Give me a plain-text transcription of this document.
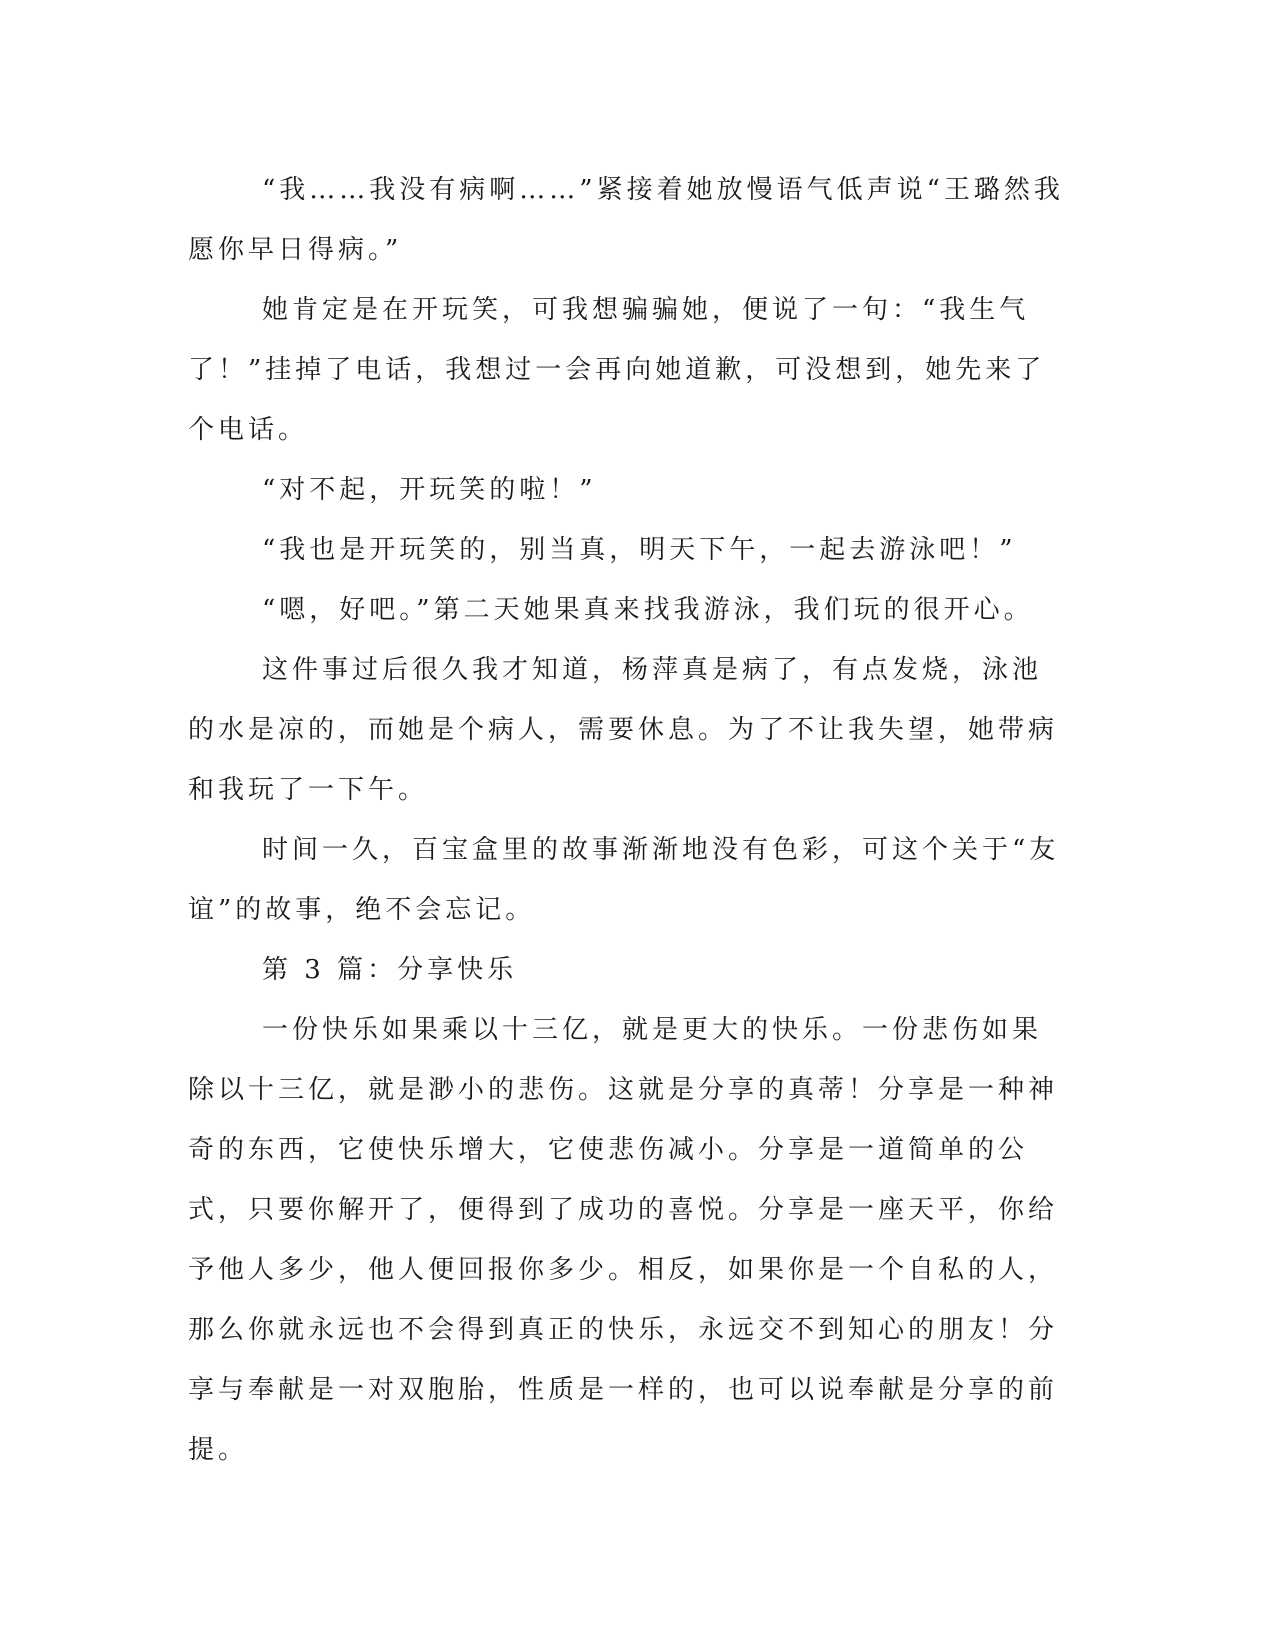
“我……我没有病啊……”紧接着她放慢语气低声说“王璐然我愿你早日得病。”

她肯定是在开玩笑，可我想骗骗她，便说了一句：“我生气了！”挂掉了电话，我想过一会再向她道歉，可没想到，她先来了个电话。

“对不起，开玩笑的啦！”

“我也是开玩笑的，别当真，明天下午，一起去游泳吧！”

“嗯，好吧。”第二天她果真来找我游泳，我们玩的很开心。

这件事过后很久我才知道，杨萍真是病了，有点发烧，泳池的水是凉的，而她是个病人，需要休息。为了不让我失望，她带病和我玩了一下午。

时间一久，百宝盒里的故事渐渐地没有色彩，可这个关于“友谊”的故事，绝不会忘记。

第 3 篇：分享快乐

一份快乐如果乘以十三亿，就是更大的快乐。一份悲伤如果除以十三亿，就是渺小的悲伤。这就是分享的真蒂！分享是一种神奇的东西，它使快乐增大，它使悲伤减小。分享是一道简单的公式，只要你解开了，便得到了成功的喜悦。分享是一座天平，你给予他人多少，他人便回报你多少。相反，如果你是一个自私的人，那么你就永远也不会得到真正的快乐，永远交不到知心的朋友！分享与奉献是一对双胞胎，性质是一样的，也可以说奉献是分享的前提。
